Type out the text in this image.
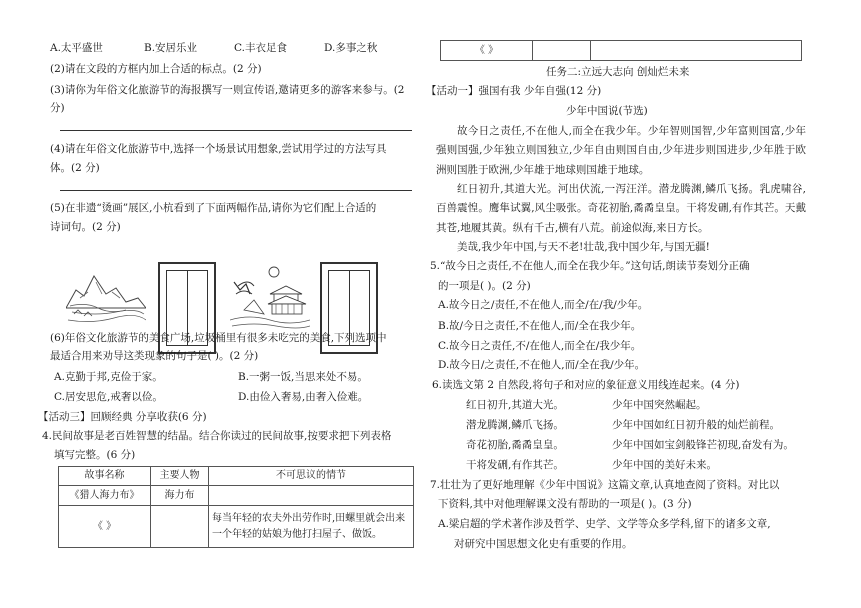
A.太平盛世	B.安居乐业	C.丰衣足食	D.多事之秋
(2)请在文段的方框内加上合适的标点。(2 分)
(3)请你为年俗文化旅游节的海报撰写一则宣传语,邀请更多的游客来参与。(2
分)
(4)请在年俗文化旅游节中,选择一个场景试用想象,尝试用学过的方法写具
体。(2 分)
(5)在非遗“烫画”展区,小杭看到了下面两幅作品,请你为它们配上合适的
诗词句。(2 分)
(6)年俗文化旅游节的美食广场,垃圾桶里有很多未吃完的美食,下列选项中
最适合用来劝导这类现象的句子是( )。(2 分)
A.克勤于邦,克俭于家。	B.一粥一饭,当思来处不易。
C.居安思危,戒奢以俭。	D.由俭入奢易,由奢入俭难。
【活动三】回顾经典 分享收获(6 分)
4.民间故事是老百姓智慧的结晶。结合你读过的民间故事,按要求把下列表格
填写完整。(6 分)
故事名称	主要人物	不可思议的情节
《猎人海力布》	海力布	
《 》		每当年轻的农夫外出劳作时,田螺里就会出来一个年轻的姑娘为他打扫屋子、做饭。
《 》		
任务二:立远大志向 创灿烂未来
【活动一】强国有我 少年自强(12 分)
少年中国说(节选)
故今日之责任,不在他人,而全在我少年。少年智则国智,少年富则国富,少年强则国强,少年独立则国独立,少年自由则国自由,少年进步则国进步,少年胜于欧洲则国胜于欧洲,少年雄于地球则国雄于地球。
红日初升,其道大光。河出伏流,一泻汪洋。潜龙腾渊,鳞爪飞扬。乳虎啸谷,百兽震惶。鹰隼试翼,风尘吸张。奇花初胎,矞矞皇皇。干将发硎,有作其芒。天戴其苍,地履其黄。纵有千古,横有八荒。前途似海,来日方长。
美哉,我少年中国,与天不老!壮哉,我中国少年,与国无疆!
5.“故今日之责任,不在他人,而全在我少年。”这句话,朗读节奏划分正确
的一项是( )。(2 分)
A.故今日之/责任,不在他人,而全/在/我/少年。
B.故/今日之责任,不在他人,而/全在我少年。
C.故今日之责任,不/在他人,而全在/我少年。
D.故今日/之责任,不在他人,而/全在我/少年。
6.读选文第 2 自然段,将句子和对应的象征意义用线连起来。(4 分)
红日初升,其道大光。
潜龙腾渊,鳞爪飞扬。
奇花初胎,矞矞皇皇。
干将发硎,有作其芒。
少年中国突然崛起。
少年中国如红日初升般的灿烂前程。
少年中国如宝剑般锋芒初现,奋发有为。
少年中国的美好未来。
7.壮壮为了更好地理解《少年中国说》这篇文章,认真地查阅了资料。对比以
下资料,其中对他理解课文没有帮助的一项是( )。(3 分)
A.梁启超的学术著作涉及哲学、史学、文学等众多学科,留下的诸多文章,
对研究中国思想文化史有重要的作用。
